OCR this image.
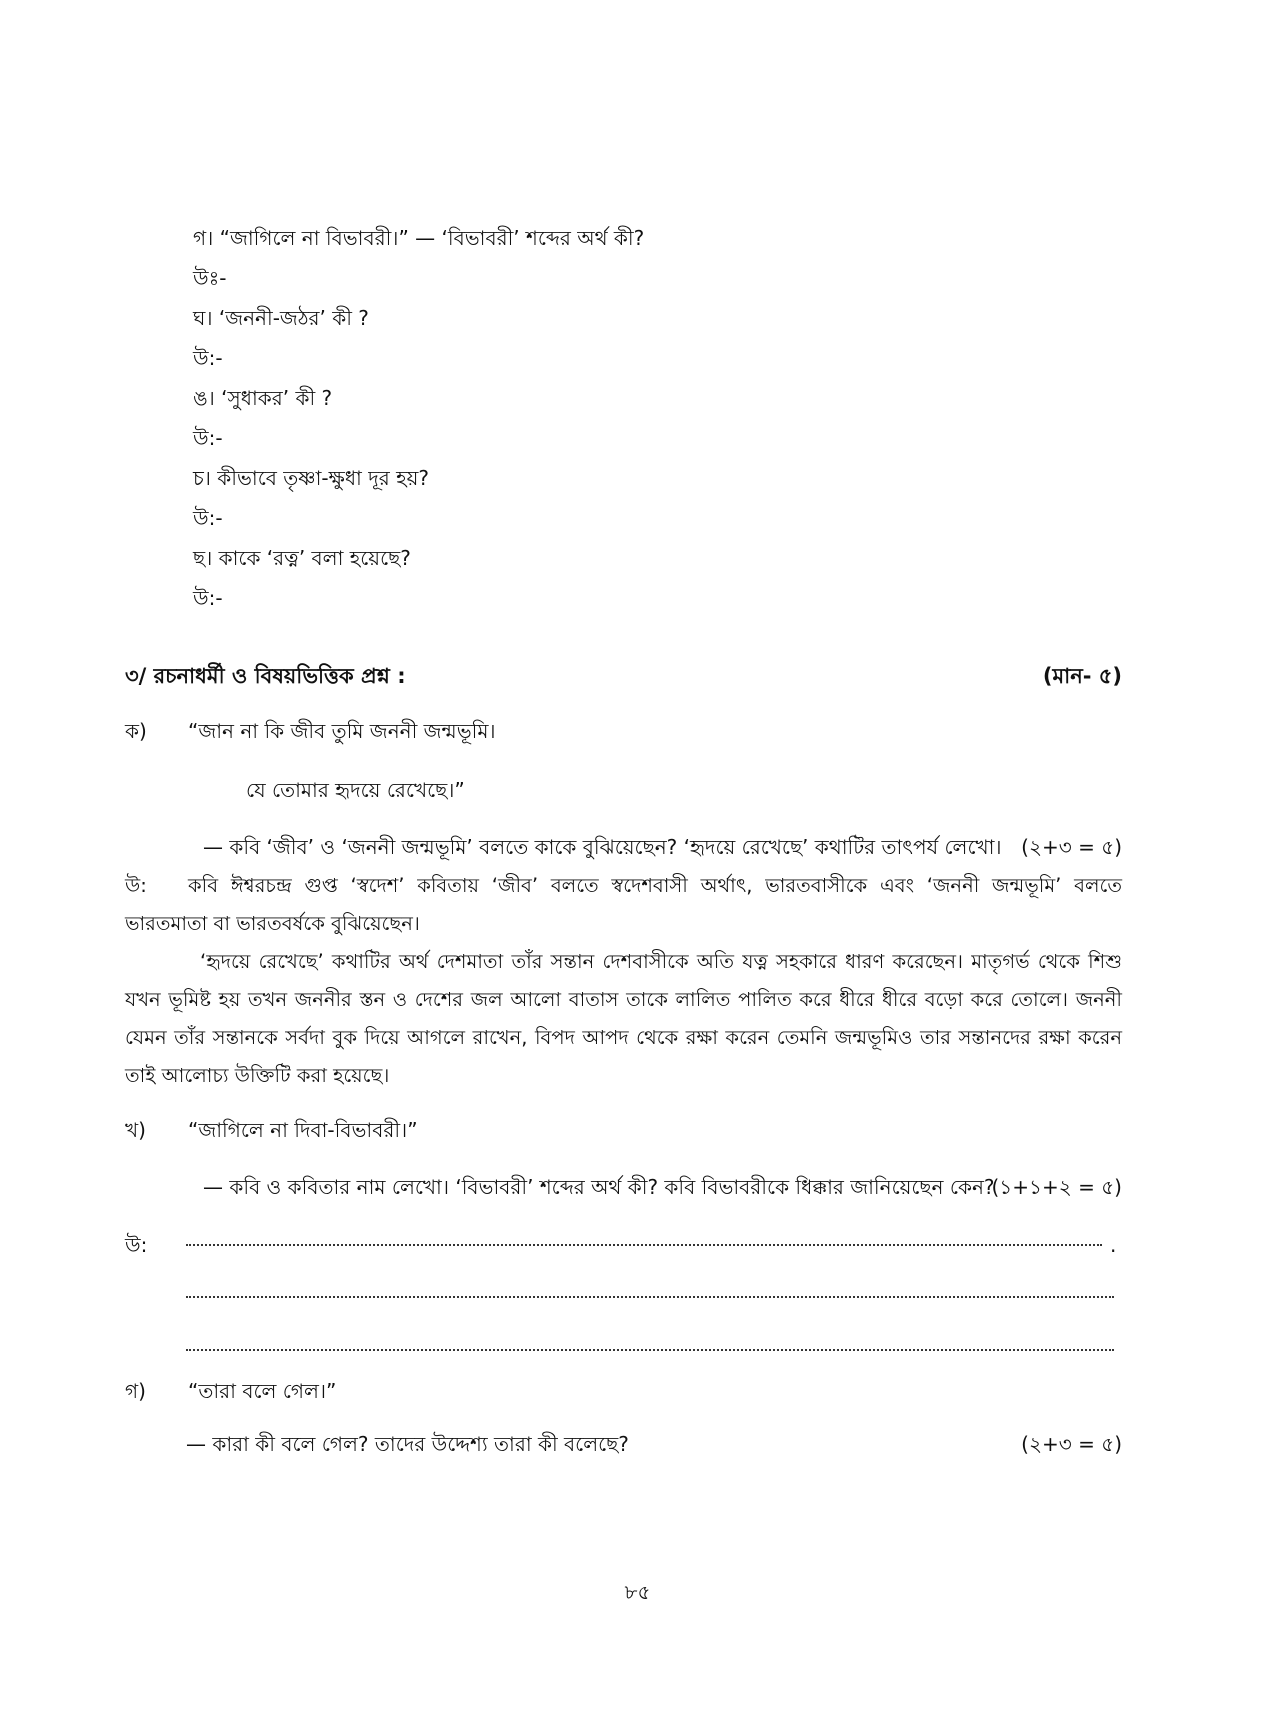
গ। “জাগিলে না বিভাবরী।” — ‘বিভাবরী’ শব্দের অর্থ কী?
উঃ-
ঘ। ‘জননী-জঠর’ কী ?
উ:-
ঙ। ‘সুধাকর’ কী ?
উ:-
চ। কীভাবে তৃষ্ণা-ক্ষুধা দূর হয়?
উ:-
ছ। কাকে ‘রত্ন’ বলা হয়েছে?
উ:-
৩/ রচনাধর্মী ও বিষয়ভিত্তিক প্রশ্ন :	(মান- ৫)
ক) “জান না কি জীব তুমি জননী জন্মভূমি।
যে তোমার হৃদয়ে রেখেছে।”
— কবি ‘জীব’ ও ‘জননী জন্মভূমি’ বলতে কাকে বুঝিয়েছেন? ‘হৃদয়ে রেখেছে’ কথাটির তাৎপর্য লেখো। (২+৩ = ৫)
উ: কবি ঈশ্বরচন্দ্র গুপ্ত ‘স্বদেশ’ কবিতায় ‘জীব’ বলতে স্বদেশবাসী অর্থাৎ, ভারতবাসীকে এবং ‘জননী জন্মভূমি’ বলতে ভারতমাতা বা ভারতবর্ষকে বুঝিয়েছেন।
‘হৃদয়ে রেখেছে’ কথাটির অর্থ দেশমাতা তাঁর সন্তান দেশবাসীকে অতি যত্ন সহকারে ধারণ করেছেন। মাতৃগর্ভ থেকে শিশু যখন ভূমিষ্ট হয় তখন জননীর স্তন ও দেশের জল আলো বাতাস তাকে লালিত পালিত করে ধীরে ধীরে বড়ো করে তোলে। জননী যেমন তাঁর সন্তানকে সর্বদা বুক দিয়ে আগলে রাখেন, বিপদ আপদ থেকে রক্ষা করেন তেমনি জন্মভূমিও তার সন্তানদের রক্ষা করেন তাই আলোচ্য উক্তিটি করা হয়েছে।
খ) “জাগিলে না দিবা-বিভাবরী।”
— কবি ও কবিতার নাম লেখো। ‘বিভাবরী’ শব্দের অর্থ কী? কবি বিভাবরীকে ধিক্কার জানিয়েছেন কেন?
(১+১+২ = ৫)
উ:	.
গ) “তারা বলে গেল।”
— কারা কী বলে গেল? তাদের উদ্দেশ্য তারা কী বলেছে?	(২+৩ = ৫)
৮৫
